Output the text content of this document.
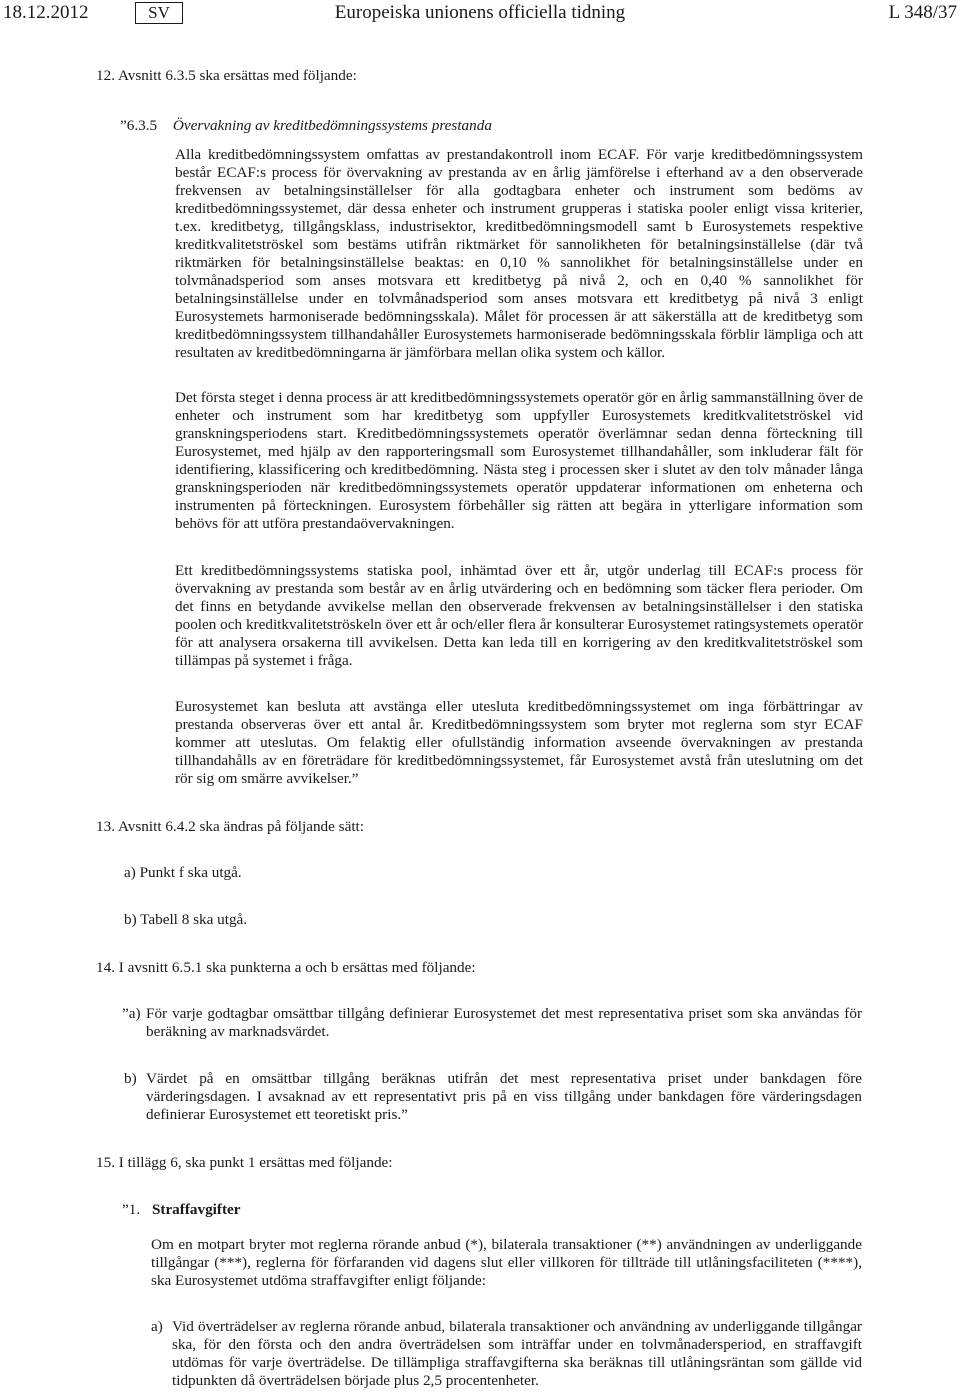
18.12.2012	SV	Europeiska unionens officiella tidning	L 348/37

12. Avsnitt 6.3.5 ska ersättas med följande:

”6.3.5 Övervakning av kreditbedömningssystems prestanda

Alla kreditbedömningssystem omfattas av prestandakontroll inom ECAF. För varje kreditbedömningssystem består ECAF:s process för övervakning av prestanda av en årlig jämförelse i efterhand av a den observerade frekvensen av betalningsinställelser för alla godtagbara enheter och instrument som bedöms av kreditbedömningssystemet, där dessa enheter och instrument grupperas i statiska pooler enligt vissa kriterier, t.ex. kreditbetyg, tillgångsklass, industrisektor, kreditbedömningsmodell samt b Eurosystemets respektive kreditkvalitetströskel som bestäms utifrån riktmärket för sannolikheten för betalningsinställelse (där två riktmärken för betalningsinställelse beaktas: en 0,10 % sannolikhet för betalningsinställelse under en tolvmånadsperiod som anses motsvara ett kreditbetyg på nivå 2, och en 0,40 % sannolikhet för betalningsinställelse under en tolvmånadsperiod som anses motsvara ett kreditbetyg på nivå 3 enligt Eurosystemets harmoniserade bedömningsskala). Målet för processen är att säkerställa att de kreditbetyg som kreditbedömningssystem tillhandahåller Eurosystemets harmoniserade bedömningsskala förblir lämpliga och att resultaten av kreditbedömningarna är jämförbara mellan olika system och källor.

Det första steget i denna process är att kreditbedömningssystemets operatör gör en årlig sammanställning över de enheter och instrument som har kreditbetyg som uppfyller Eurosystemets kreditkvalitetströskel vid granskningsperiodens start. Kreditbedömningssystemets operatör överlämnar sedan denna förteckning till Eurosystemet, med hjälp av den rapporteringsmall som Eurosystemet tillhandahåller, som inkluderar fält för identifiering, klassificering och kreditbedömning. Nästa steg i processen sker i slutet av den tolv månader långa granskningsperioden när kreditbedömningssystemets operatör uppdaterar informationen om enheterna och instrumenten på förteckningen. Eurosystem förbehåller sig rätten att begära in ytterligare information som behövs för att utföra prestandaövervakningen.

Ett kreditbedömningssystems statiska pool, inhämtad över ett år, utgör underlag till ECAF:s process för övervakning av prestanda som består av en årlig utvärdering och en bedömning som täcker flera perioder. Om det finns en betydande avvikelse mellan den observerade frekvensen av betalningsinställelser i den statiska poolen och kreditkvalitetströskeln över ett år och/eller flera år konsulterar Eurosystemet ratingsystemets operatör för att analysera orsakerna till avvikelsen. Detta kan leda till en korrigering av den kreditkvalitetströskel som tillämpas på systemet i fråga.

Eurosystemet kan besluta att avstänga eller utesluta kreditbedömningssystemet om inga förbättringar av prestanda observeras över ett antal år. Kreditbedömningssystem som bryter mot reglerna som styr ECAF kommer att uteslutas. Om felaktig eller ofullständig information avseende övervakningen av prestanda tillhandahålls av en företrädare för kreditbedömningssystemet, får Eurosystemet avstå från uteslutning om det rör sig om smärre avvikelser.”

13. Avsnitt 6.4.2 ska ändras på följande sätt:

a) Punkt f ska utgå.

b) Tabell 8 ska utgå.

14. I avsnitt 6.5.1 ska punkterna a och b ersättas med följande:

”a) För varje godtagbar omsättbar tillgång definierar Eurosystemet det mest representativa priset som ska användas för beräkning av marknadsvärdet.

b) Värdet på en omsättbar tillgång beräknas utifrån det mest representativa priset under bankdagen före värderingsdagen. I avsaknad av ett representativt pris på en viss tillgång under bankdagen före värderingsdagen definierar Eurosystemet ett teoretiskt pris.”

15. I tillägg 6, ska punkt 1 ersättas med följande:

”1. Straffavgifter

Om en motpart bryter mot reglerna rörande anbud (*), bilaterala transaktioner (**) användningen av underliggande tillgångar (***), reglerna för förfaranden vid dagens slut eller villkoren för tillträde till utlåningsfaciliteten (****), ska Eurosystemet utdöma straffavgifter enligt följande:

a) Vid överträdelser av reglerna rörande anbud, bilaterala transaktioner och användning av underliggande tillgångar ska, för den första och den andra överträdelsen som inträffar under en tolvmånadersperiod, en straffavgift utdömas för varje överträdelse. De tillämpliga straffavgifterna ska beräknas till utlåningsräntan som gällde vid tidpunkten då överträdelsen började plus 2,5 procentenheter.
